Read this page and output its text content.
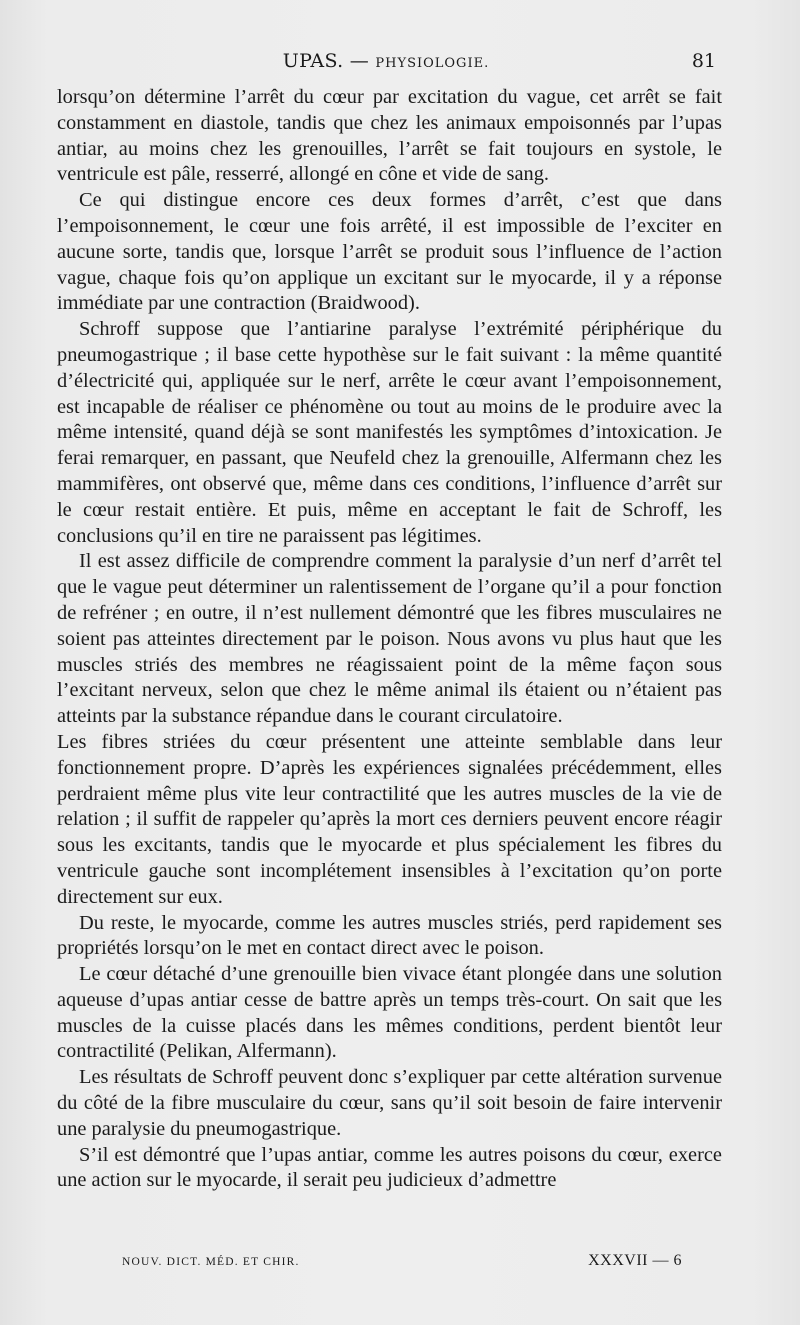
UPAS. — PHYSIOLOGIE.	81

lorsqu’on détermine l’arrêt du cœur par excitation du vague, cet arrêt se fait constamment en diastole, tandis que chez les animaux empoisonnés par l’upas antiar, au moins chez les grenouilles, l’arrêt se fait toujours en systole, le ventricule est pâle, resserré, allongé en cône et vide de sang.

Ce qui distingue encore ces deux formes d’arrêt, c’est que dans l’empoisonnement, le cœur une fois arrêté, il est impossible de l’exciter en aucune sorte, tandis que, lorsque l’arrêt se produit sous l’influence de l’action vague, chaque fois qu’on applique un excitant sur le myocarde, il y a réponse immédiate par une contraction (Braidwood).

Schroff suppose que l’antiarine paralyse l’extrémité périphérique du pneumogastrique ; il base cette hypothèse sur le fait suivant : la même quantité d’électricité qui, appliquée sur le nerf, arrête le cœur avant l’empoisonnement, est incapable de réaliser ce phénomène ou tout au moins de le produire avec la même intensité, quand déjà se sont manifestés les symptômes d’intoxication. Je ferai remarquer, en passant, que Neufeld chez la grenouille, Alfermann chez les mammifères, ont observé que, même dans ces conditions, l’influence d’arrêt sur le cœur restait entière. Et puis, même en acceptant le fait de Schroff, les conclusions qu’il en tire ne paraissent pas légitimes.

Il est assez difficile de comprendre comment la paralysie d’un nerf d’arrêt tel que le vague peut déterminer un ralentissement de l’organe qu’il a pour fonction de refréner ; en outre, il n’est nullement démontré que les fibres musculaires ne soient pas atteintes directement par le poison. Nous avons vu plus haut que les muscles striés des membres ne réagissaient point de la même façon sous l’excitant nerveux, selon que chez le même animal ils étaient ou n’étaient pas atteints par la substance répandue dans le courant circulatoire.

Les fibres striées du cœur présentent une atteinte semblable dans leur fonctionnement propre. D’après les expériences signalées précédemment, elles perdraient même plus vite leur contractilité que les autres muscles de la vie de relation ; il suffit de rappeler qu’après la mort ces derniers peuvent encore réagir sous les excitants, tandis que le myocarde et plus spécialement les fibres du ventricule gauche sont incomplétement insensibles à l’excitation qu’on porte directement sur eux.

Du reste, le myocarde, comme les autres muscles striés, perd rapidement ses propriétés lorsqu’on le met en contact direct avec le poison.

Le cœur détaché d’une grenouille bien vivace étant plongée dans une solution aqueuse d’upas antiar cesse de battre après un temps très-court. On sait que les muscles de la cuisse placés dans les mêmes conditions, perdent bientôt leur contractilité (Pelikan, Alfermann).

Les résultats de Schroff peuvent donc s’expliquer par cette altération survenue du côté de la fibre musculaire du cœur, sans qu’il soit besoin de faire intervenir une paralysie du pneumogastrique.

S’il est démontré que l’upas antiar, comme les autres poisons du cœur, exerce une action sur le myocarde, il serait peu judicieux d’admettre

NOUV. DICT. MÉD. ET CHIR.	XXXVII — 6
